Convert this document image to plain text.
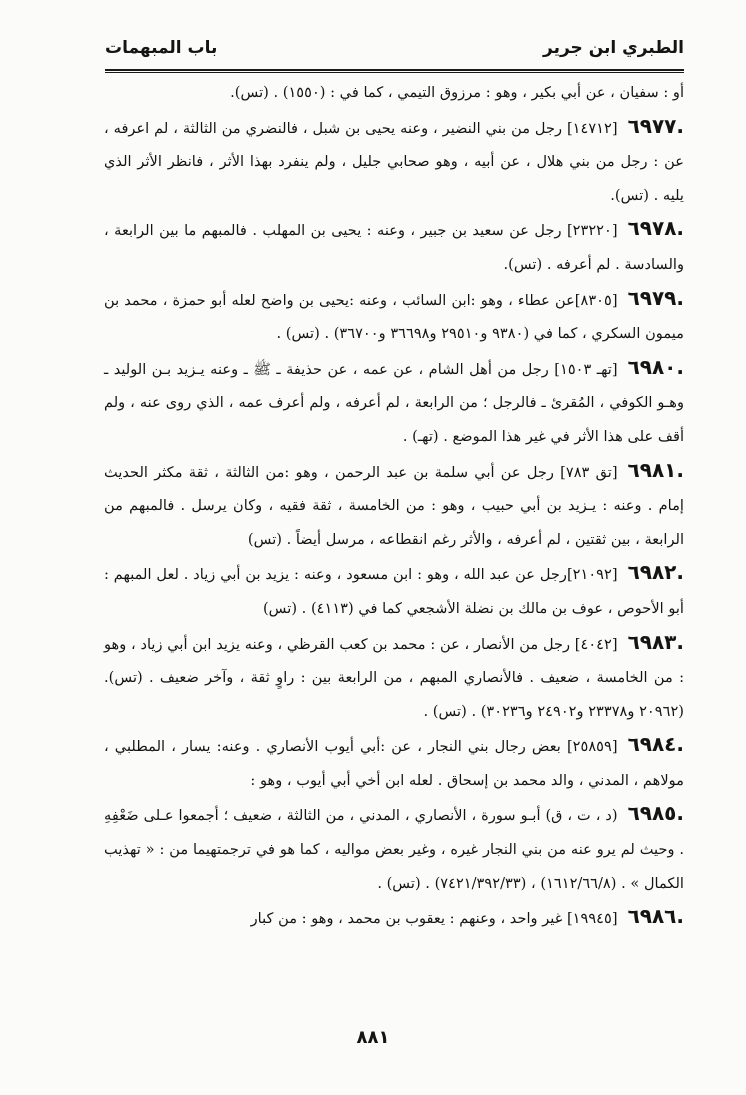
الطبري ابن جرير
باب المبهمات

أو : سفيان ، عن أبي بكير ، وهو : مرزوق التيمي ، كما في : (١٥٥٠) . (تس).

.٦٩٧٧[١٤٧١٢] رجل من بني النضير ، وعنه يحيى بن شبل ، فالنضري من الثالثة ، لم اعرفه ، عن : رجل من بني هلال ، عن أبيه ، وهو صحابي جليل ، ولم ينفرد بهذا الأثر ، فانظر الأثر الذي يليه . (تس).

.٦٩٧٨[٢٣٢٢٠] رجل عن سعيد بن جبير ، وعنه : يحيى بن المهلب . فالمبهم ما بين الرابعة ، والسادسة . لم أعرفه . (تس).

.٦٩٧٩[٨٣٠٥]عن عطاء ، وهو :ابن السائب ، وعنه :يحيى بن واضح لعله أبو حمزة ، محمد بن ميمون السكري ، كما في (٩٣٨٠ و٢٩٥١٠ و٣٦٦٩٨ و٣٦٧٠٠) . (تس) .

.٦٩٨٠[تهـ ١٥٠٣] رجل من أهل الشام ، عن عمه ، عن حذيفة ـ ﷺ ـ وعنه يـزيد بـن الوليد ـ وهـو الكوفي ، المُقرئ ـ فالرجل ؛ من الرابعة ، لم أعرفه ، ولم أعرف عمه ، الذي روى عنه ، ولم أقف على هذا الأثر في غير هذا الموضع . (تهـ) .

.٦٩٨١[تق ٧٨٣] رجل عن أبي سلمة بن عبد الرحمن ، وهو :من الثالثة ، ثقة مكثر الحديث إمام . وعنه : يـزيد بن أبي حبيب ، وهو : من الخامسة ، ثقة فقيه ، وكان يرسل . فالمبهم من الرابعة ، بين ثقتين ، لم أعرفه ، والأثر رغم انقطاعه ، مرسل أيضاً . (تس)

.٦٩٨٢[٢١٠٩٢]رجل عن عبد الله ، وهو : ابن مسعود ، وعنه : يزيد بن أبي زياد . لعل المبهم : أبو الأحوص ، عوف بن مالك بن نضلة الأشجعي كما في (٤١١٣) . (تس)

.٦٩٨٣[٤٠٤٢] رجل من الأنصار ، عن : محمد بن كعب القرظي ، وعنه يزيد ابن أبي زياد ، وهو : من الخامسة ، ضعيف . فالأنصاري المبهم ، من الرابعة بين : راوٍ ثقة ، وآخر ضعيف . (تس). (٢٠٩٦٢ و٢٣٣٧٨ و٢٤٩٠٢ و٣٠٢٣٦) . (تس) .

.٦٩٨٤[٢٥٨٥٩] بعض رجال بني النجار ، عن :أبي أيوب الأنصاري . وعنه: يسار ، المطلبي ، مولاهم ، المدني ، والد محمد بن إسحاق . لعله ابن أخي أبي أيوب ، وهو :

.٦٩٨٥(د ، ت ، ق) أبـو سورة ، الأنصاري ، المدني ، من الثالثة ، ضعيف ؛ أجمعوا عـلى ضَعْفِهِ . وحيث لم يرو عنه من بني النجار غيره ، وغير بعض مواليه ، كما هو في ترجمتهيما من : « تهذيب الكمال » . (١٦١٢/٦٦/٨) ، (٧٤٢١/٣٩٢/٣٣) . (تس) .

.٦٩٨٦[١٩٩٤٥] غير واحد ، وعنهم : يعقوب بن محمد ، وهو : من كبار

٨٨١
